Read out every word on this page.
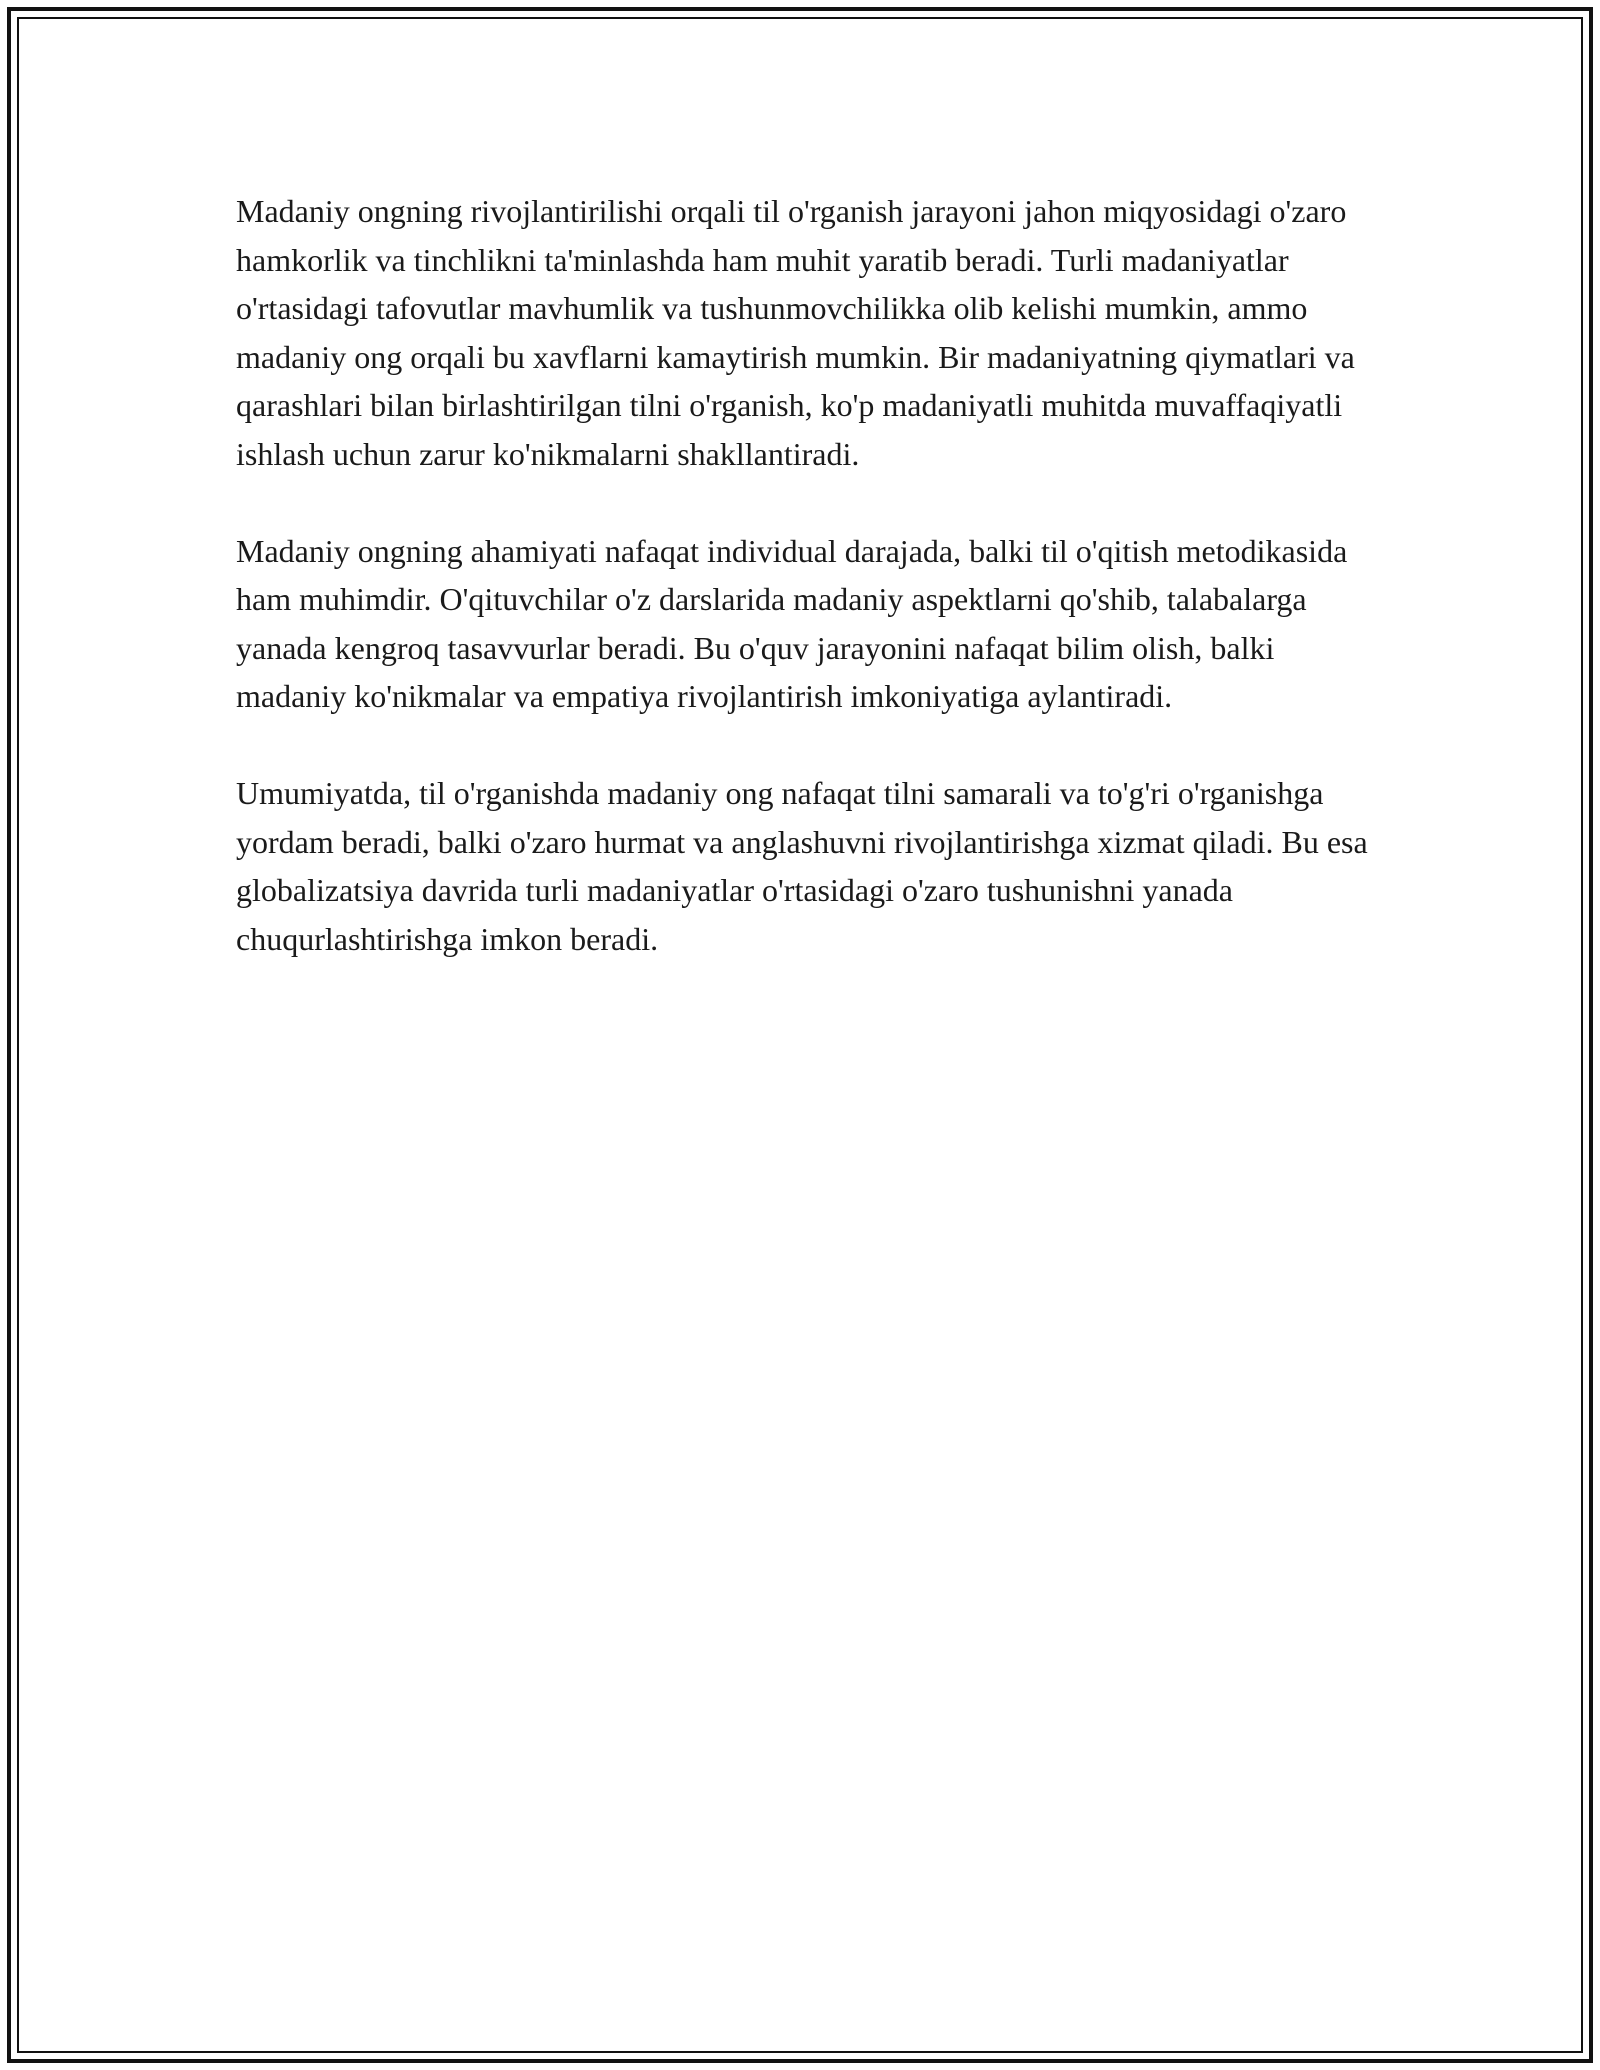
Madaniy ongning rivojlantirilishi orqali til o'rganish jarayoni jahon miqyosidagi o'zaro hamkorlik va tinchlikni ta'minlashda ham muhit yaratib beradi. Turli madaniyatlar o'rtasidagi tafovutlar mavhumlik va tushunmovchilikka olib kelishi mumkin, ammo madaniy ong orqali bu xavflarni kamaytirish mumkin. Bir madaniyatning qiymatlari va qarashlari bilan birlashtirilgan tilni o'rganish, ko'p madaniyatli muhitda muvaffaqiyatli ishlash uchun zarur ko'nikmalarni shakllantiradi.

Madaniy ongning ahamiyati nafaqat individual darajada, balki til o'qitish metodikasida ham muhimdir. O'qituvchilar o'z darslarida madaniy aspektlarni qo'shib, talabalarga yanada kengroq tasavvurlar beradi. Bu o'quv jarayonini nafaqat bilim olish, balki madaniy ko'nikmalar va empatiya rivojlantirish imkoniyatiga aylantiradi.

Umumiyatda, til o'rganishda madaniy ong nafaqat tilni samarali va to'g'ri o'rganishga yordam beradi, balki o'zaro hurmat va anglashuvni rivojlantirishga xizmat qiladi. Bu esa globalizatsiya davrida turli madaniyatlar o'rtasidagi o'zaro tushunishni yanada chuqurlashtirishga imkon beradi.
